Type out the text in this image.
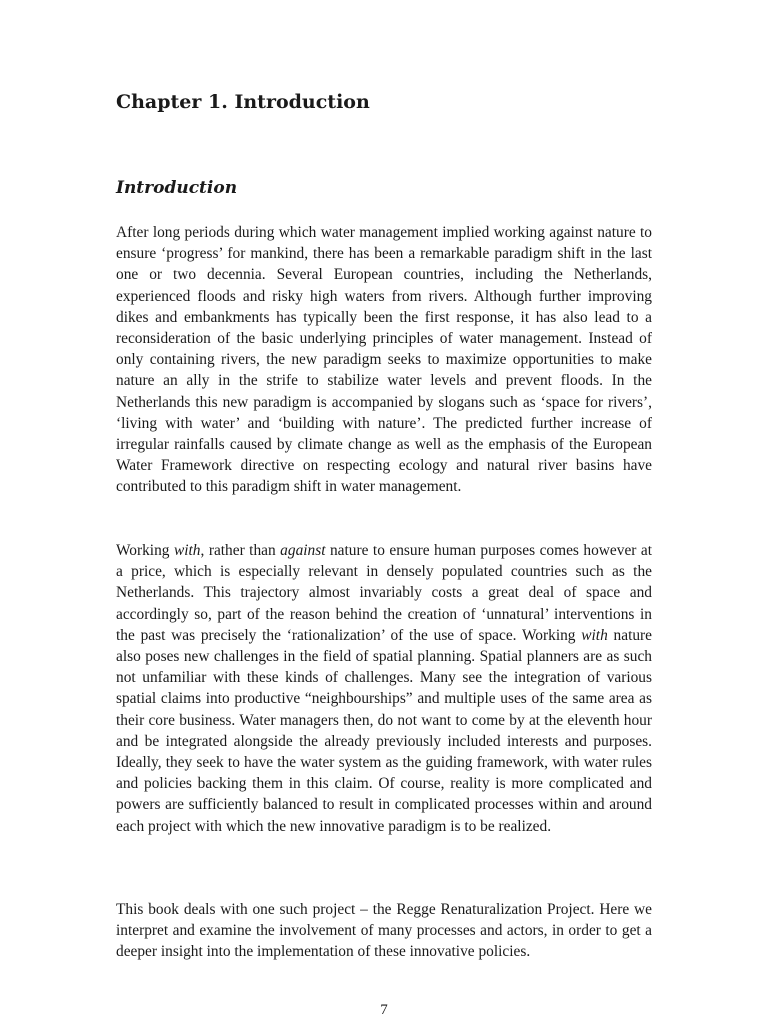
Chapter 1. Introduction
Introduction

After long periods during which water management implied working against nature to ensure ‘progress’ for mankind, there has been a remarkable paradigm shift in the last one or two decennia. Several European countries, including the Netherlands, experienced floods and risky high waters from rivers. Although further improving dikes and embankments has typically been the first response, it has also lead to a reconsideration of the basic underlying principles of water management. Instead of only containing rivers, the new paradigm seeks to maximize opportunities to make nature an ally in the strife to stabilize water levels and prevent floods. In the Netherlands this new paradigm is accompanied by slogans such as ‘space for rivers’, ‘living with water’ and ‘building with nature’. The predicted further increase of irregular rainfalls caused by climate change as well as the emphasis of the European Water Framework directive on respecting ecology and natural river basins have contributed to this paradigm shift in water management.

Working with, rather than against nature to ensure human purposes comes however at a price, which is especially relevant in densely populated countries such as the Netherlands. This trajectory almost invariably costs a great deal of space and accordingly so, part of the reason behind the creation of ‘unnatural’ interventions in the past was precisely the ‘rationalization’ of the use of space. Working with nature also poses new challenges in the field of spatial planning. Spatial planners are as such not unfamiliar with these kinds of challenges. Many see the integration of various spatial claims into productive “neighbourships” and multiple uses of the same area as their core business. Water managers then, do not want to come by at the eleventh hour and be integrated alongside the already previously included interests and purposes. Ideally, they seek to have the water system as the guiding framework, with water rules and policies backing them in this claim. Of course, reality is more complicated and powers are sufficiently balanced to result in complicated processes within and around each project with which the new innovative paradigm is to be realized.

This book deals with one such project – the Regge Renaturalization Project. Here we interpret and examine the involvement of many processes and actors, in order to get a deeper insight into the implementation of these innovative policies.

7
